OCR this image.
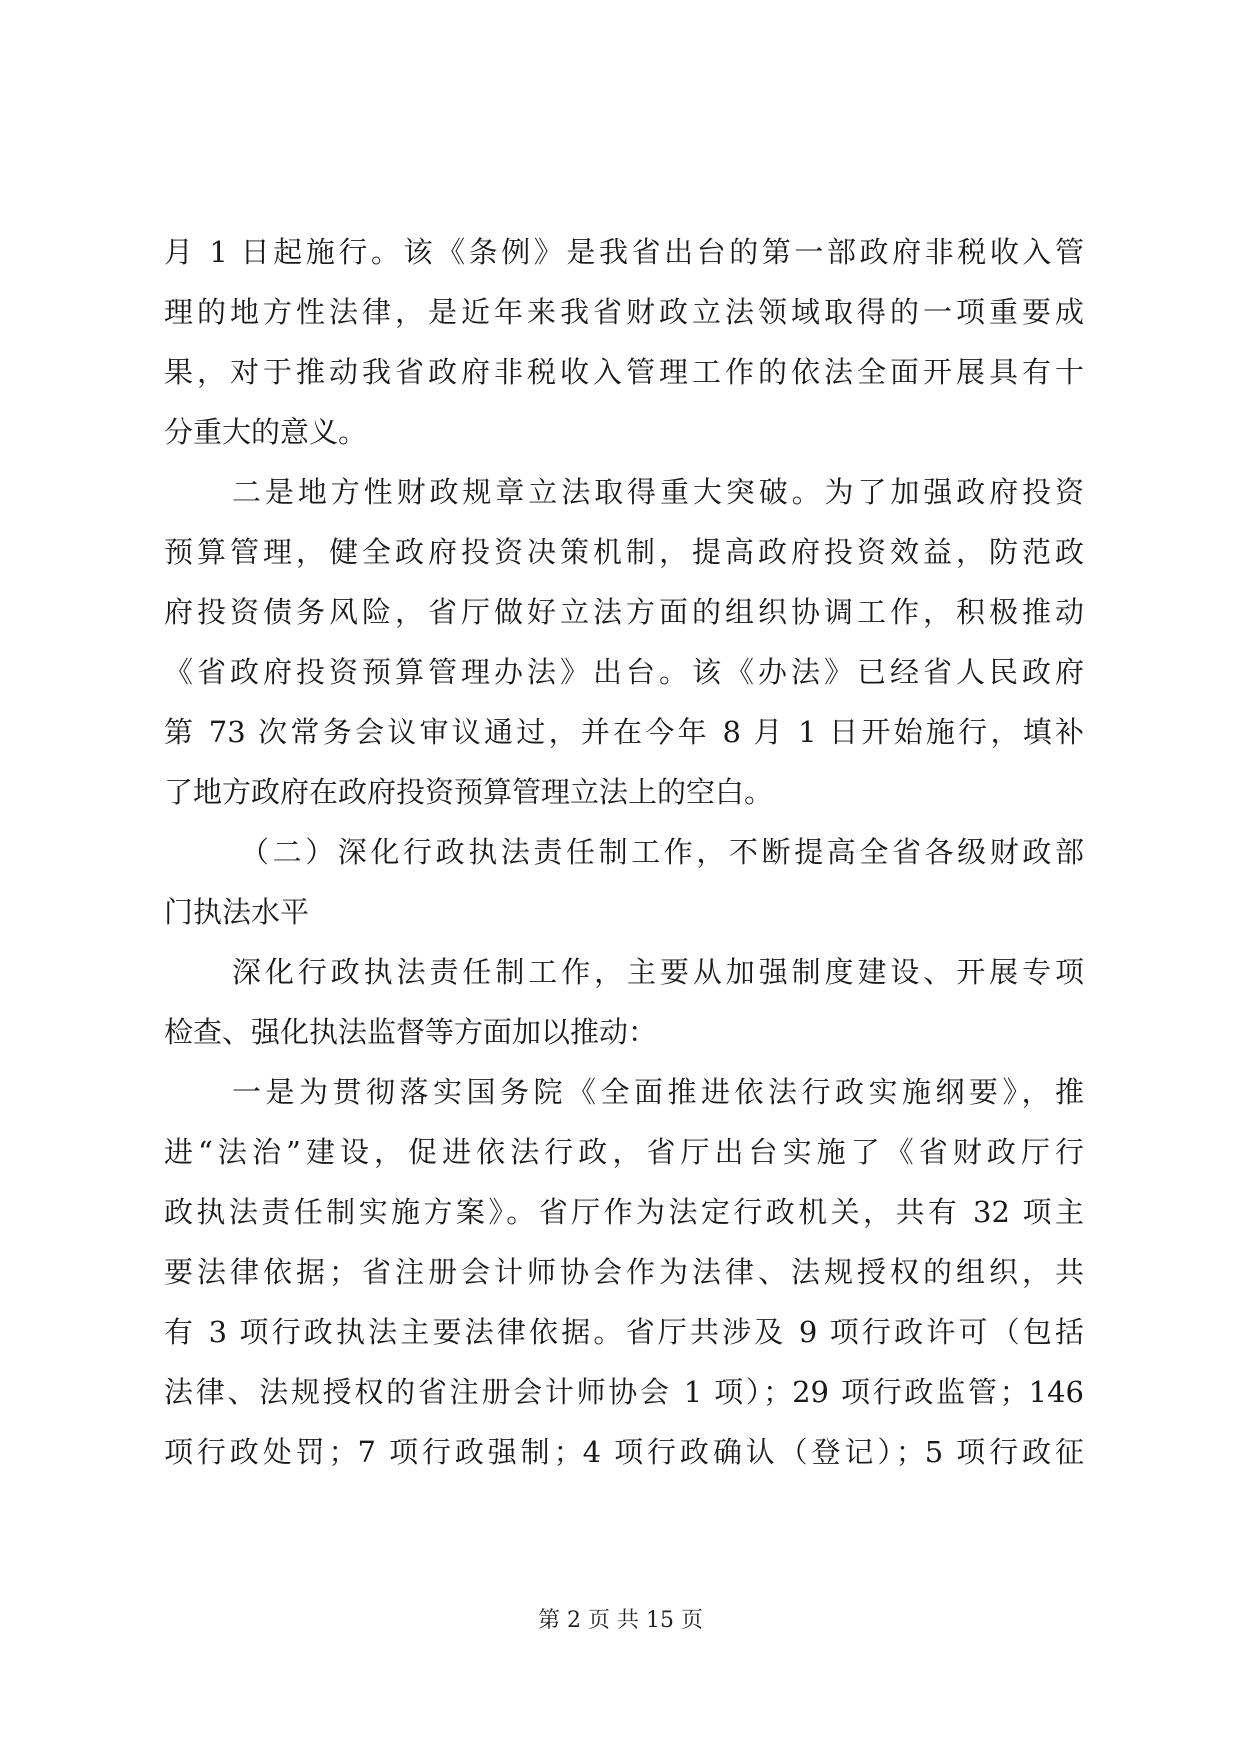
月 1 日起施行。该《条例》是我省出台的第一部政府非税收入管
理的地方性法律，是近年来我省财政立法领域取得的一项重要成
果，对于推动我省政府非税收入管理工作的依法全面开展具有十
分重大的意义。
二是地方性财政规章立法取得重大突破。为了加强政府投资
预算管理，健全政府投资决策机制，提高政府投资效益，防范政
府投资债务风险，省厅做好立法方面的组织协调工作，积极推动
《省政府投资预算管理办法》出台。该《办法》已经省人民政府
第 73 次常务会议审议通过，并在今年 8 月 1 日开始施行，填补
了地方政府在政府投资预算管理立法上的空白。
（二）深化行政执法责任制工作，不断提高全省各级财政部
门执法水平
深化行政执法责任制工作，主要从加强制度建设、开展专项
检查、强化执法监督等方面加以推动：
一是为贯彻落实国务院《全面推进依法行政实施纲要》，推
进“法治”建设，促进依法行政，省厅出台实施了《省财政厅行
政执法责任制实施方案》。省厅作为法定行政机关，共有 32 项主
要法律依据；省注册会计师协会作为法律、法规授权的组织，共
有 3 项行政执法主要法律依据。省厅共涉及 9 项行政许可（包括
法律、法规授权的省注册会计师协会 1 项）；29 项行政监管；146
项行政处罚；7 项行政强制；4 项行政确认（登记）；5 项行政征
第 2 页 共 15 页
